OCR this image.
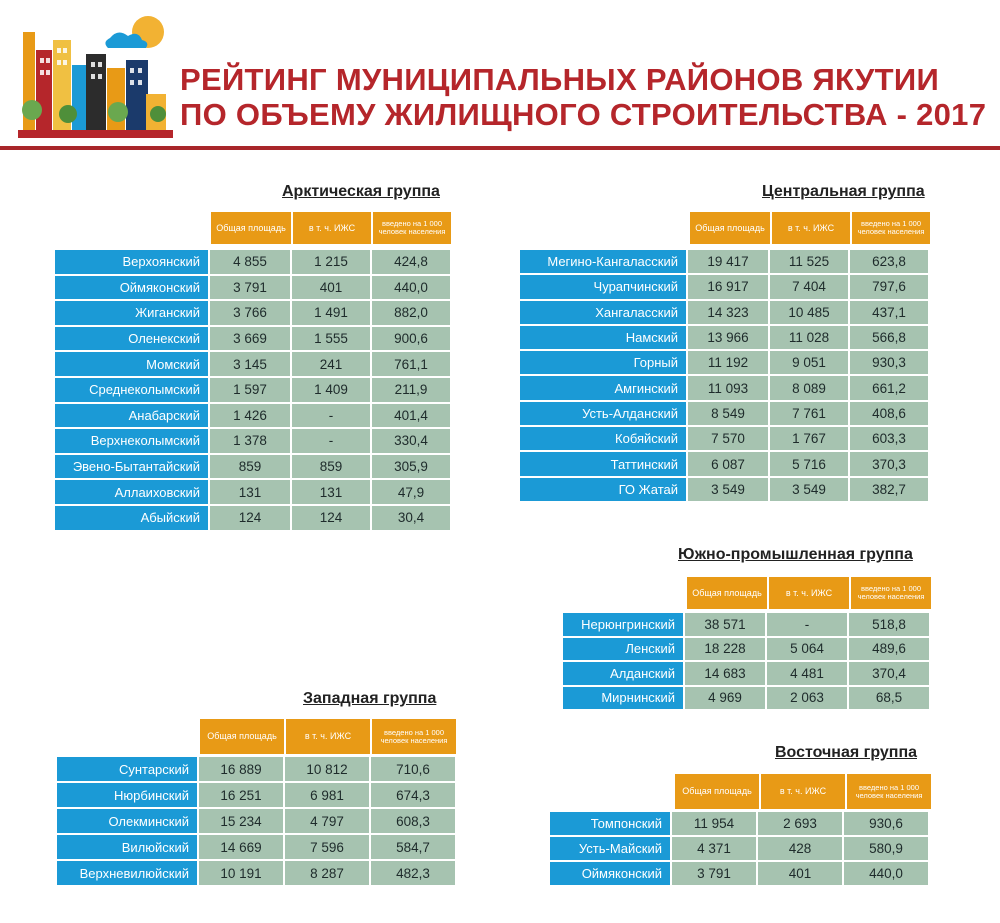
РЕЙТИНГ МУНИЦИПАЛЬНЫХ РАЙОНОВ ЯКУТИИ
ПО ОБЪЕМУ ЖИЛИЩНОГО СТРОИТЕЛЬСТВА - 2017
Арктическая группа
Общая площадь	в т. ч. ИЖС	введено на 1 000 человек населения
Верхоянский	4 855	1 215	424,8
Оймяконский	3 791	401	440,0
Жиганский	3 766	1 491	882,0
Оленекский	3 669	1 555	900,6
Момский	3 145	241	761,1
Среднеколымский	1 597	1 409	211,9
Анабарский	1 426	-	401,4
Верхнеколымский	1 378	-	330,4
Эвено-Бытантайский	859	859	305,9
Аллаиховский	131	131	47,9
Абыйский	124	124	30,4
Центральная группа
Общая площадь	в т. ч. ИЖС	введено на 1 000 человек населения
Мегино-Кангаласский	19 417	11 525	623,8
Чурапчинский	16 917	7 404	797,6
Хангаласский	14 323	10 485	437,1
Намский	13 966	11 028	566,8
Горный	11 192	9 051	930,3
Амгинский	11 093	8 089	661,2
Усть-Алданский	8 549	7 761	408,6
Кобяйский	7 570	1 767	603,3
Таттинский	6 087	5 716	370,3
ГО Жатай	3 549	3 549	382,7
Южно-промышленная группа
Общая площадь	в т. ч. ИЖС	введено на 1 000 человек населения
Нерюнгринский	38 571	-	518,8
Ленский	18 228	5 064	489,6
Алданский	14 683	4 481	370,4
Мирнинский	4 969	2 063	68,5
Западная группа
Общая площадь	в т. ч. ИЖС	введено на 1 000 человек населения
Сунтарский	16 889	10 812	710,6
Нюрбинский	16 251	6 981	674,3
Олекминский	15 234	4 797	608,3
Вилюйский	14 669	7 596	584,7
Верхневилюйский	10 191	8 287	482,3
Восточная группа
Общая площадь	в т. ч. ИЖС	введено на 1 000 человек населения
Томпонский	11 954	2 693	930,6
Усть-Майский	4 371	428	580,9
Оймяконский	3 791	401	440,0
